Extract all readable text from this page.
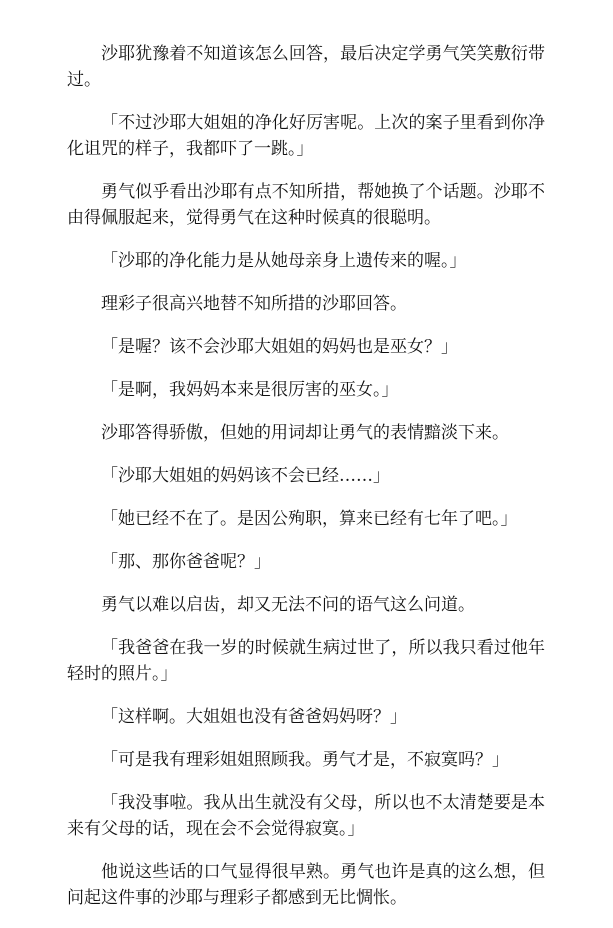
沙耶犹豫着不知道该怎么回答，最后决定学勇气笑笑敷衍带过。

「不过沙耶大姐姐的净化好厉害呢。上次的案子里看到你净化诅咒的样子，我都吓了一跳。」

勇气似乎看出沙耶有点不知所措，帮她换了个话题。沙耶不由得佩服起来，觉得勇气在这种时候真的很聪明。

「沙耶的净化能力是从她母亲身上遗传来的喔。」

理彩子很高兴地替不知所措的沙耶回答。

「是喔？该不会沙耶大姐姐的妈妈也是巫女？」

「是啊，我妈妈本来是很厉害的巫女。」

沙耶答得骄傲，但她的用词却让勇气的表情黯淡下来。

「沙耶大姐姐的妈妈该不会已经……」

「她已经不在了。是因公殉职，算来已经有七年了吧。」

「那、那你爸爸呢？」

勇气以难以启齿，却又无法不问的语气这么问道。

「我爸爸在我一岁的时候就生病过世了，所以我只看过他年轻时的照片。」

「这样啊。大姐姐也没有爸爸妈妈呀？」

「可是我有理彩姐姐照顾我。勇气才是，不寂寞吗？」

「我没事啦。我从出生就没有父母，所以也不太清楚要是本来有父母的话，现在会不会觉得寂寞。」

他说这些话的口气显得很早熟。勇气也许是真的这么想，但问起这件事的沙耶与理彩子都感到无比惆怅。
